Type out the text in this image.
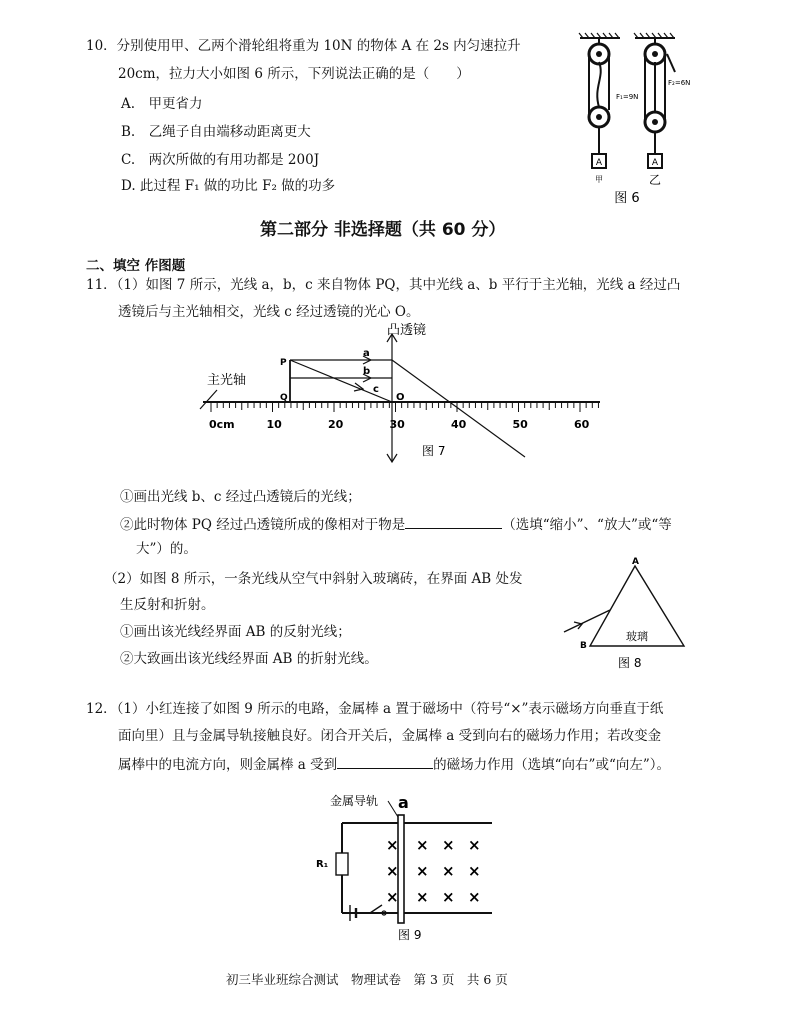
10．分别使用甲、乙两个滑轮组将重为 10N 的物体 A 在 2s 内匀速拉升
20cm，拉力大小如图 6 所示，下列说法正确的是（　　）
A.　甲更省力
B.　乙绳子自由端移动距离更大
C.　两次所做的有用功都是 200J
D. 此过程 F₁ 做的功比 F₂ 做的功多
F₁=9N
F₂=6N
A	A
甲	乙
图 6
第二部分 非选择题（共 60 分）
二、填空 作图题
11．（1）如图 7 所示，光线 a，b，c 来自物体 PQ，其中光线 a、b 平行于主光轴，光线 a 经过凸
透镜后与主光轴相交，光线 c 经过透镜的光心 O。
凸透镜
主光轴
P
Q	O
a
b
c
0cm	10	20	30	40	50	60
图 7
①画出光线 b、c 经过凸透镜后的光线；
②此时物体 PQ 经过凸透镜所成的像相对于物是	（选填“缩小”、“放大”或“等
大”）的。
（2）如图 8 所示，一条光线从空气中斜射入玻璃砖，在界面 AB 处发
生反射和折射。
①画出该光线经界面 AB 的反射光线；
②大致画出该光线经界面 AB 的折射光线。
A
B
玻璃
图 8
12．（1）小红连接了如图 9 所示的电路，金属棒 a 置于磁场中（符号“×”表示磁场方向垂直于纸
面向里）且与金属导轨接触良好。闭合开关后，金属棒 a 受到向右的磁场力作用；若改变金
属棒中的电流方向，则金属棒 a 受到	的磁场力作用（选填“向右”或“向左”）。
× × × ×
× × × ×
× × × ×
金属导轨 a
R₁
图 9
初三毕业班综合测试　物理试卷　第 3 页　共 6 页
